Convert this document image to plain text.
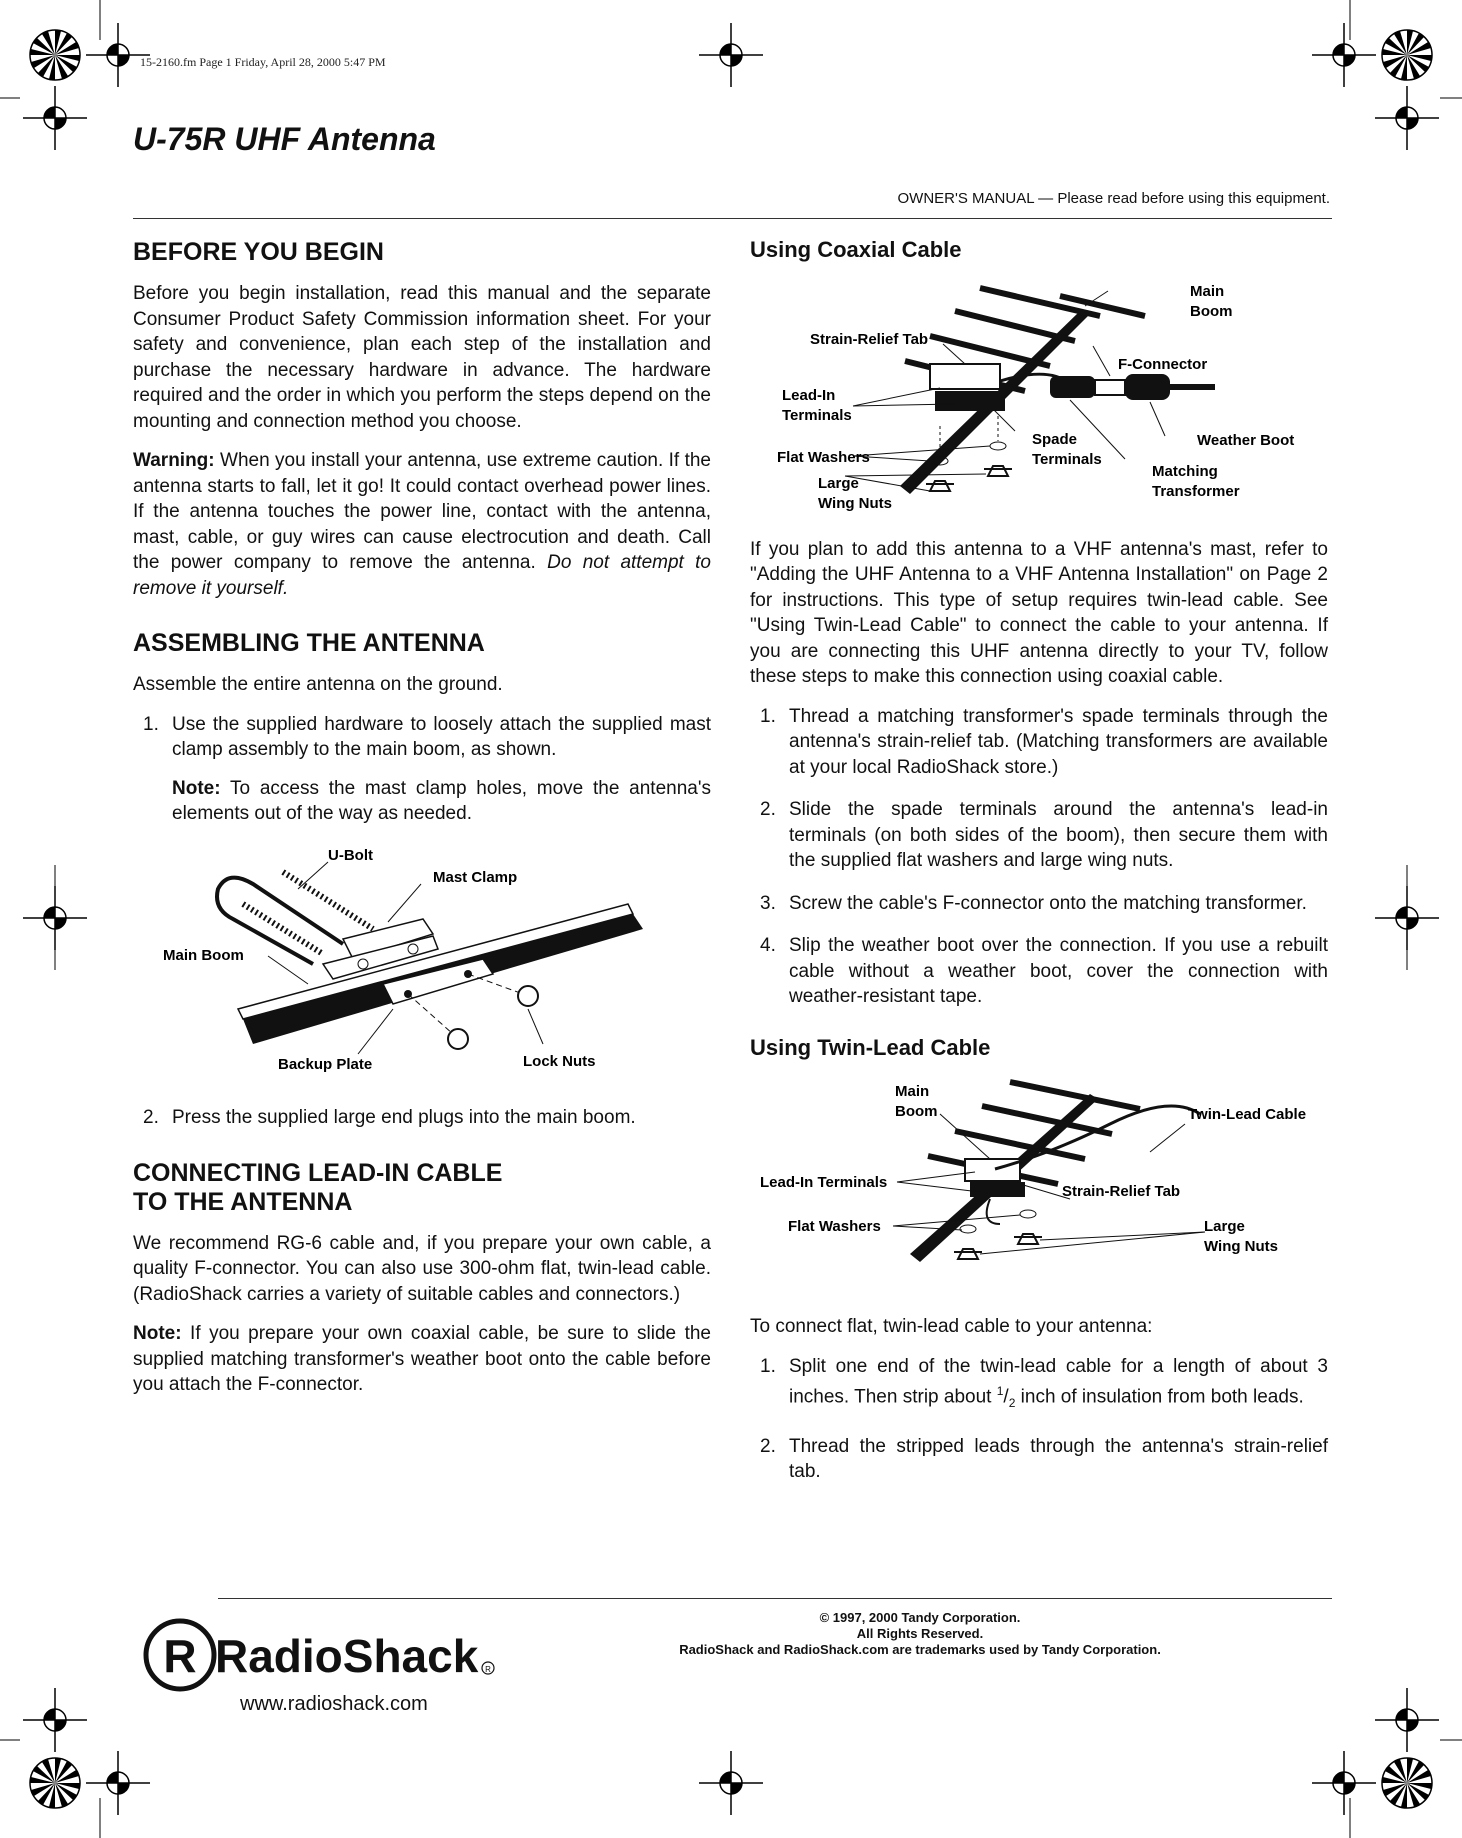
15-2160.fm Page 1 Friday, April 28, 2000 5:47 PM
U-75R UHF Antenna
OWNER'S MANUAL — Please read before using this equipment.
BEFORE YOU BEGIN

Before you begin installation, read this manual and the separate Consumer Product Safety Commission information sheet. For your safety and convenience, plan each step of the installation and purchase the necessary hardware in advance. The hardware required and the order in which you perform the steps depend on the mounting and connection method you choose.

Warning: When you install your antenna, use extreme caution. If the antenna starts to fall, let it go! It could contact overhead power lines. If the antenna touches the power line, contact with the antenna, mast, cable, or guy wires can cause electrocution and death. Call the power company to remove the antenna. Do not attempt to remove it yourself.

ASSEMBLING THE ANTENNA

Assemble the entire antenna on the ground.

1. Use the supplied hardware to loosely attach the supplied mast clamp assembly to the main boom, as shown.
Note: To access the mast clamp holes, move the antenna's elements out of the way as needed.
U-Bolt
Mast Clamp
Main Boom
Backup Plate	Lock Nuts
2. Press the supplied large end plugs into the main boom.
CONNECTING LEAD-IN CABLE
TO THE ANTENNA

We recommend RG-6 cable and, if you prepare your own cable, a quality F-connector. You can also use 300-ohm flat, twin-lead cable. (RadioShack carries a variety of suitable cables and connectors.)

Note: If you prepare your own coaxial cable, be sure to slide the supplied matching transformer's weather boot onto the cable before you attach the F-connector.

Using Coaxial Cable
Main
Boom
Strain-Relief Tab
F-Connector
Lead-In
Terminals
Weather Boot
Flat Washers
Spade
Terminals
Large
Wing Nuts
Matching
Transformer

If you plan to add this antenna to a VHF antenna's mast, refer to "Adding the UHF Antenna to a VHF Antenna Installation" on Page 2 for instructions. This type of setup requires twin-lead cable. See "Using Twin-Lead Cable" to connect the cable to your antenna. If you are connecting this UHF antenna directly to your TV, follow these steps to make this connection using coaxial cable.

1. Thread a matching transformer's spade terminals through the antenna's strain-relief tab. (Matching transformers are available at your local RadioShack store.)
2. Slide the spade terminals around the antenna's lead-in terminals (on both sides of the boom), then secure them with the supplied flat washers and large wing nuts.
3. Screw the cable's F-connector onto the matching transformer.
4. Slip the weather boot over the connection. If you use a rebuilt cable without a weather boot, cover the connection with weather-resistant tape.
Using Twin-Lead Cable
Main
Boom	Twin-Lead Cable
Lead-In Terminals
Strain-Relief Tab
Flat Washers	Large
Wing Nuts

To connect flat, twin-lead cable to your antenna:

1. Split one end of the twin-lead cable for a length of about 3 inches. Then strip about $^1/_2$ inch of insulation from both leads.
2. Thread the stripped leads through the antenna's strain-relief tab.
R RadioShack R
www.radioshack.com
© 1997, 2000 Tandy Corporation.
All Rights Reserved.
RadioShack and RadioShack.com are trademarks used by Tandy Corporation.
